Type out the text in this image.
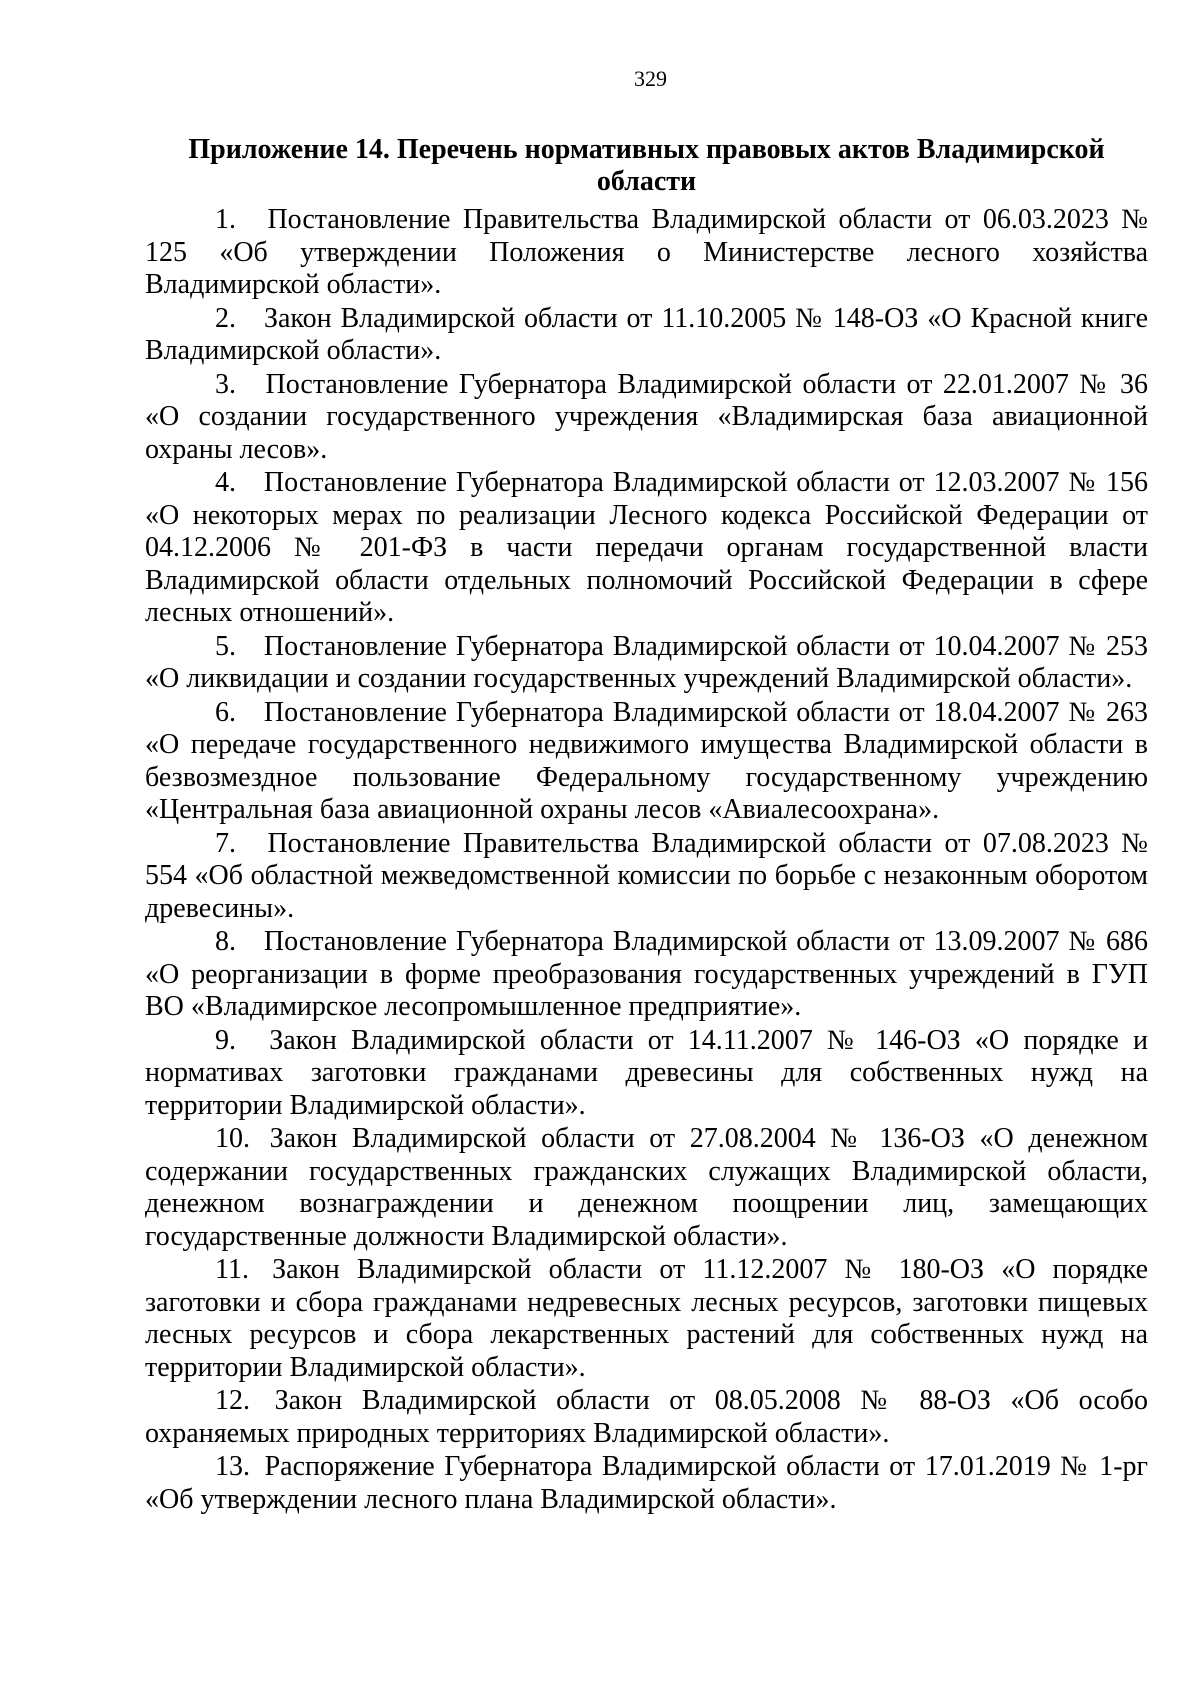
329
Приложение 14. Перечень нормативных правовых актов Владимирской области

1. Постановление Правительства Владимирской области от 06.03.2023 № 125 «Об утверждении Положения о Министерстве лесного хозяйства Владимирской области».

2. Закон Владимирской области от 11.10.2005 № 148-ОЗ «О Красной книге Владимирской области».

3. Постановление Губернатора Владимирской области от 22.01.2007 № 36 «О создании государственного учреждения «Владимирская база авиационной охраны лесов».

4. Постановление Губернатора Владимирской области от 12.03.2007 № 156 «О некоторых мерах по реализации Лесного кодекса Российской Федерации от 04.12.2006 № 201-ФЗ в части передачи органам государственной власти Владимирской области отдельных полномочий Российской Федерации в сфере лесных отношений».

5. Постановление Губернатора Владимирской области от 10.04.2007 № 253 «О ликвидации и создании государственных учреждений Владимирской области».

6. Постановление Губернатора Владимирской области от 18.04.2007 № 263 «О передаче государственного недвижимого имущества Владимирской области в безвозмездное пользование Федеральному государственному учреждению «Центральная база авиационной охраны лесов «Авиалесоохрана».

7. Постановление Правительства Владимирской области от 07.08.2023 № 554 «Об областной межведомственной комиссии по борьбе с незаконным оборотом древесины».

8. Постановление Губернатора Владимирской области от 13.09.2007 № 686 «О реорганизации в форме преобразования государственных учреждений в ГУП ВО «Владимирское лесопромышленное предприятие».

9. Закон Владимирской области от 14.11.2007 № 146-ОЗ «О порядке и нормативах заготовки гражданами древесины для собственных нужд на территории Владимирской области».

10. Закон Владимирской области от 27.08.2004 № 136-ОЗ «О денежном содержании государственных гражданских служащих Владимирской области, денежном вознаграждении и денежном поощрении лиц, замещающих государственные должности Владимирской области».

11. Закон Владимирской области от 11.12.2007 № 180-ОЗ «О порядке заготовки и сбора гражданами недревесных лесных ресурсов, заготовки пищевых лесных ресурсов и сбора лекарственных растений для собственных нужд на территории Владимирской области».

12. Закон Владимирской области от 08.05.2008 № 88-ОЗ «Об особо охраняемых природных территориях Владимирской области».

13. Распоряжение Губернатора Владимирской области от 17.01.2019 № 1-рг «Об утверждении лесного плана Владимирской области».
